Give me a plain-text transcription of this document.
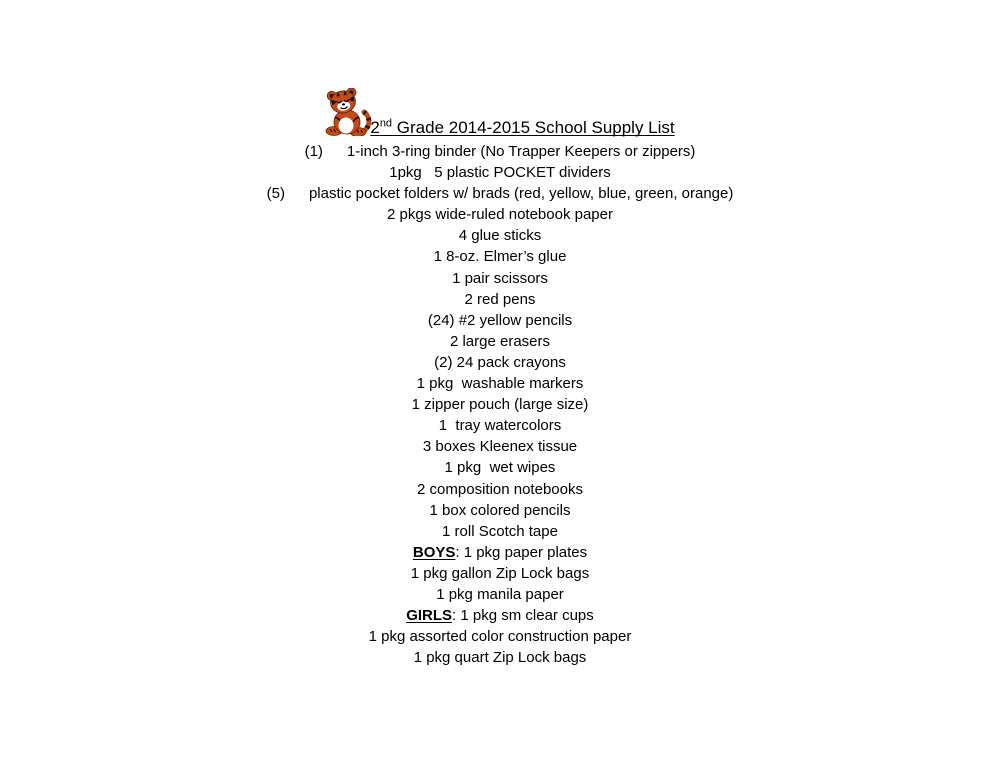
2nd Grade 2014-2015 School Supply List
(1) 1-inch 3-ring binder (No Trapper Keepers or zippers)
1pkg   5 plastic POCKET dividers
(5) plastic pocket folders w/ brads (red, yellow, blue, green, orange)
2 pkgs wide-ruled notebook paper
4 glue sticks
1 8-oz. Elmer’s glue
1 pair scissors
2 red pens
(24) #2 yellow pencils
2 large erasers
(2) 24 pack crayons
1 pkg  washable markers
1 zipper pouch (large size)
1  tray watercolors
3 boxes Kleenex tissue
1 pkg  wet wipes
2 composition notebooks
1 box colored pencils
1 roll Scotch tape
BOYS: 1 pkg paper plates
1 pkg gallon Zip Lock bags
1 pkg manila paper
GIRLS: 1 pkg sm clear cups
1 pkg assorted color construction paper
1 pkg quart Zip Lock bags
